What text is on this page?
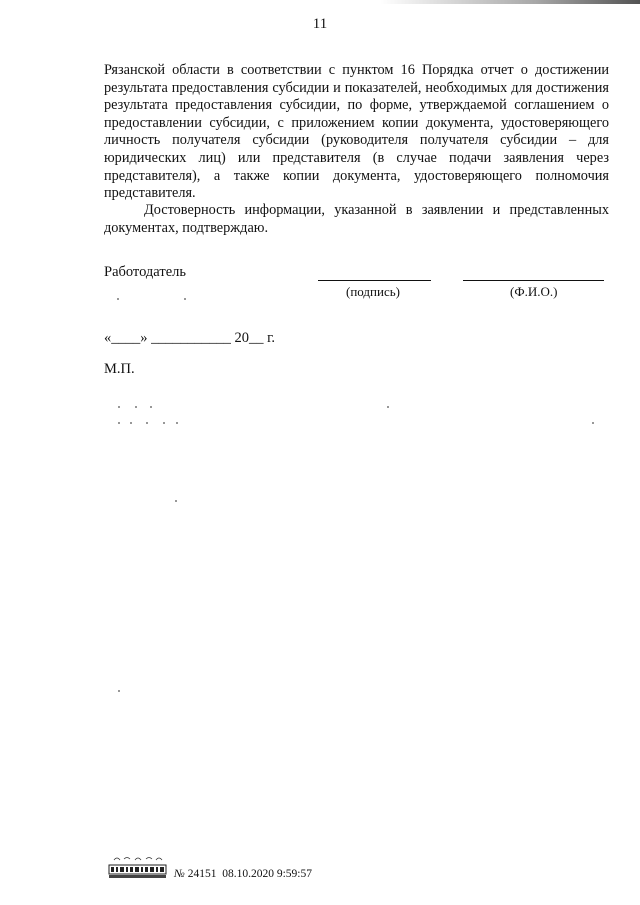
11
Рязанской области в соответствии с пунктом 16 Порядка отчет о достижении результата предоставления субсидии и показателей, необходимых для достижения результата предоставления субсидии, по форме, утверждаемой соглашением о предоставлении субсидии, с приложением копии документа, удостоверяющего личность получателя субсидии (руководителя получателя субсидии – для юридических лиц) или представителя (в случае подачи заявления через представителя), а также копии документа, удостоверяющего полномочия представителя.
Достоверность информации, указанной в заявлении и представленных документах, подтверждаю.
Работодатель
(подпись)	(Ф.И.О.)
«____» ___________ 20__ г.
М.П.
№ 24151  08.10.2020 9:59:57
